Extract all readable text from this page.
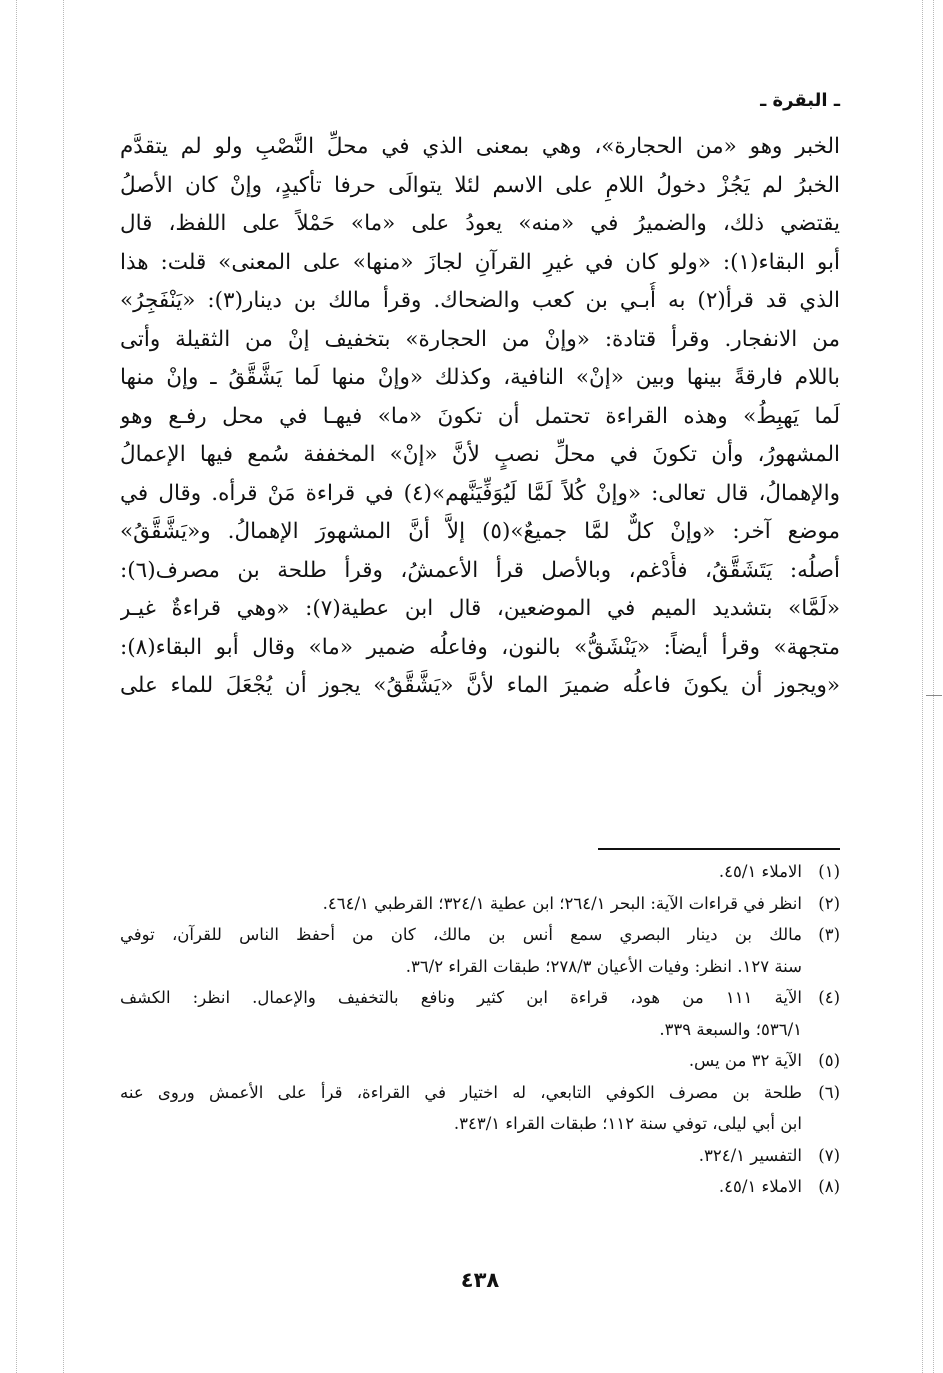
ـ البقرة ـ
الخبر وهو «من الحجارة»، وهي بمعنى الذي في محلِّ النَّصْبِ ولو لم يتقدَّم
الخبرُ لم يَجُزْ دخولُ اللامِ على الاسم لئلا يتوالَى حرفا تأكيدٍ، وإنْ كان الأصلُ
يقتضي ذلك، والضميرُ في «منه» يعودُ على «ما» حَمْلاً على اللفظ، قال
أبو البقاء(١): «ولو كان في غيرِ القرآنِ لجازَ «منها» على المعنى» قلت: هذا
الذي قد قرأ(٢) به أُبـي بن كعب والضحاك. وقرأ مالك بن دينار(٣): «يَنْفَجِرُ»
من الانفجار. وقرأ قتادة: «وإنْ من الحجارة» بتخفيف إنْ من الثقيلة وأتى
باللام فارقةً بينها وبين «إنْ» النافية، وكذلك «وإنْ منها لَما يَشَّقَّقُ ـ وإنْ منها
لَما يَهبِطُ» وهذه القراءة تحتمل أن تكونَ «ما» فيهـا في محل رفـع وهو
المشهورُ، وأن تكونَ في محلِّ نصبٍ لأنَّ «إنْ» المخففة سُمع فيها الإعمالُ
والإهمالُ، قال تعالى: «وإنْ كُلاً لَمَّا لَيُوَفِّيَنَّهم»(٤) في قراءة مَنْ قرأه. وقال في
موضع آخر: «وإنْ كلٌّ لمَّا جميعٌ»(٥) إلاَّ أنَّ المشهورَ الإهمالُ. و«يَشَّقَّقُ»
أصلُه: يَتَشَقَّقُ، فأُدْغم، وبالأصل قرأ الأعمشُ، وقرأ طلحة بن مصرف(٦):
«لَمَّا» بتشديد الميم في الموضعين، قال ابن عطية(٧): «وهي قراءةٌ غيـر
متجهة» وقرأ أيضاً: «يَنْشَقُّ» بالنون، وفاعلُه ضمير «ما» وقال أبو البقاء(٨):
«ويجوز أن يكونَ فاعلُه ضميرَ الماء لأنَّ «يَشَّقَّقُ» يجوز أن يُجْعَلَ للماء على
(١)
الاملاء ٤٥/١.
(٢)
انظر في قراءات الآية: البحر ٢٦٤/١؛ ابن عطية ٣٢٤/١؛ القرطبي ٤٦٤/١.
(٣)
مالك بن دينار البصري سمع أنس بن مالك، كان من أحفظ الناس للقرآن، توفي
سنة ١٢٧. انظر: وفيات الأعيان ٢٧٨/٣؛ طبقات القراء ٣٦/٢.
(٤)
الآية ١١١ من هود، قراءة ابن كثير ونافع بالتخفيف والإعمال. انظر: الكشف
٥٣٦/١؛ والسبعة ٣٣٩.
(٥)
الآية ٣٢ من يس.
(٦)
طلحة بن مصرف الكوفي التابعي، له اختيار في القراءة، قرأ على الأعمش وروى عنه
ابن أبي ليلى، توفي سنة ١١٢؛ طبقات القراء ٣٤٣/١.
(٧)
التفسير ٣٢٤/١.
(٨)
الاملاء ٤٥/١.
٤٣٨
